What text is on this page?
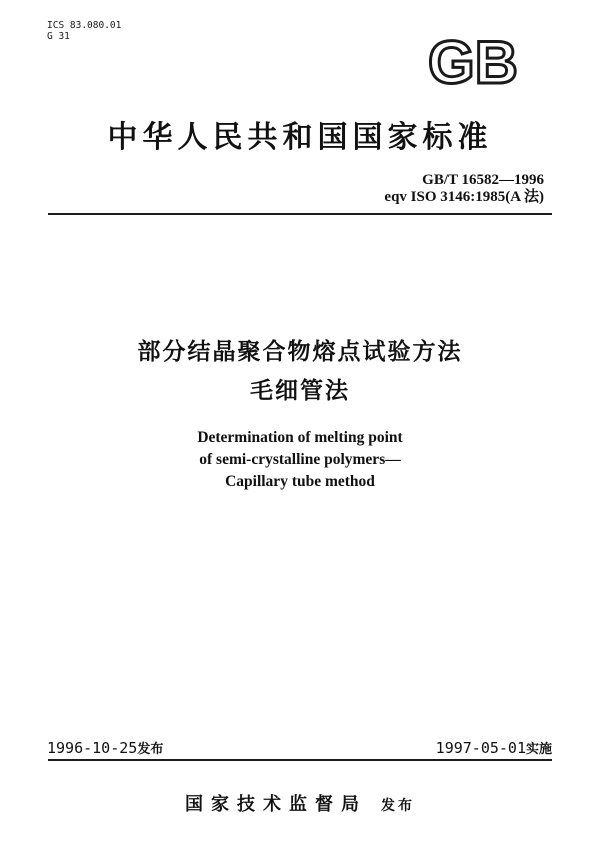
ICS 83.080.01
G 31	GB
中华人民共和国国家标准
GB/T 16582—1996
eqv ISO 3146:1985(A 法)
部分结晶聚合物熔点试验方法
毛细管法
Determination of melting point
of semi-crystalline polymers—
Capillary tube method
1996-10-25发布	1997-05-01实施
国家技术监督局 发布
